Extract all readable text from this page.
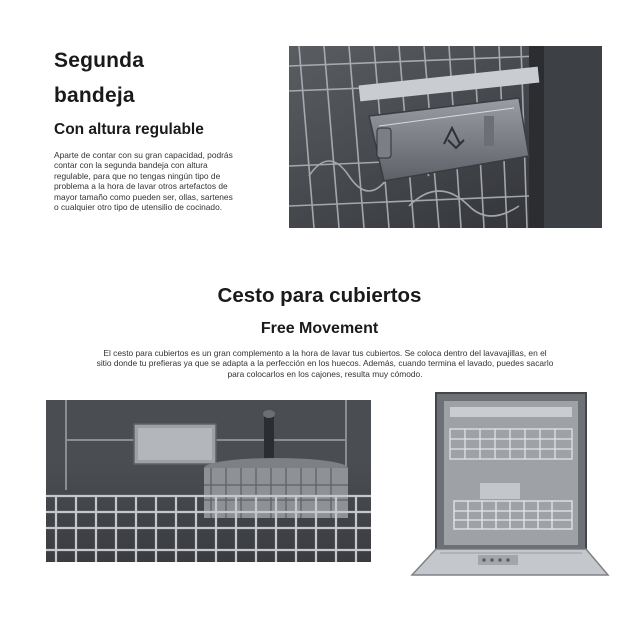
Segunda
bandeja
Con altura regulable
Aparte de contar con su gran capacidad, podrás contar con la segunda bandeja con altura regulable, para que no tengas ningún tipo de problema a la hora de lavar otros artefactos de mayor tamaño como pueden ser, ollas, sartenes o cualquier otro tipo de utensilio de cocinado.
Cesto para cubiertos
Free Movement
El cesto para cubiertos es un gran complemento a la hora de lavar tus cubiertos. Se coloca dentro del lavavajillas, en el sitio donde tu prefieras ya que se adapta a la perfección en los huecos. Además, cuando termina el lavado, puedes sacarlo para colocarlos en los cajones, resulta muy cómodo.
